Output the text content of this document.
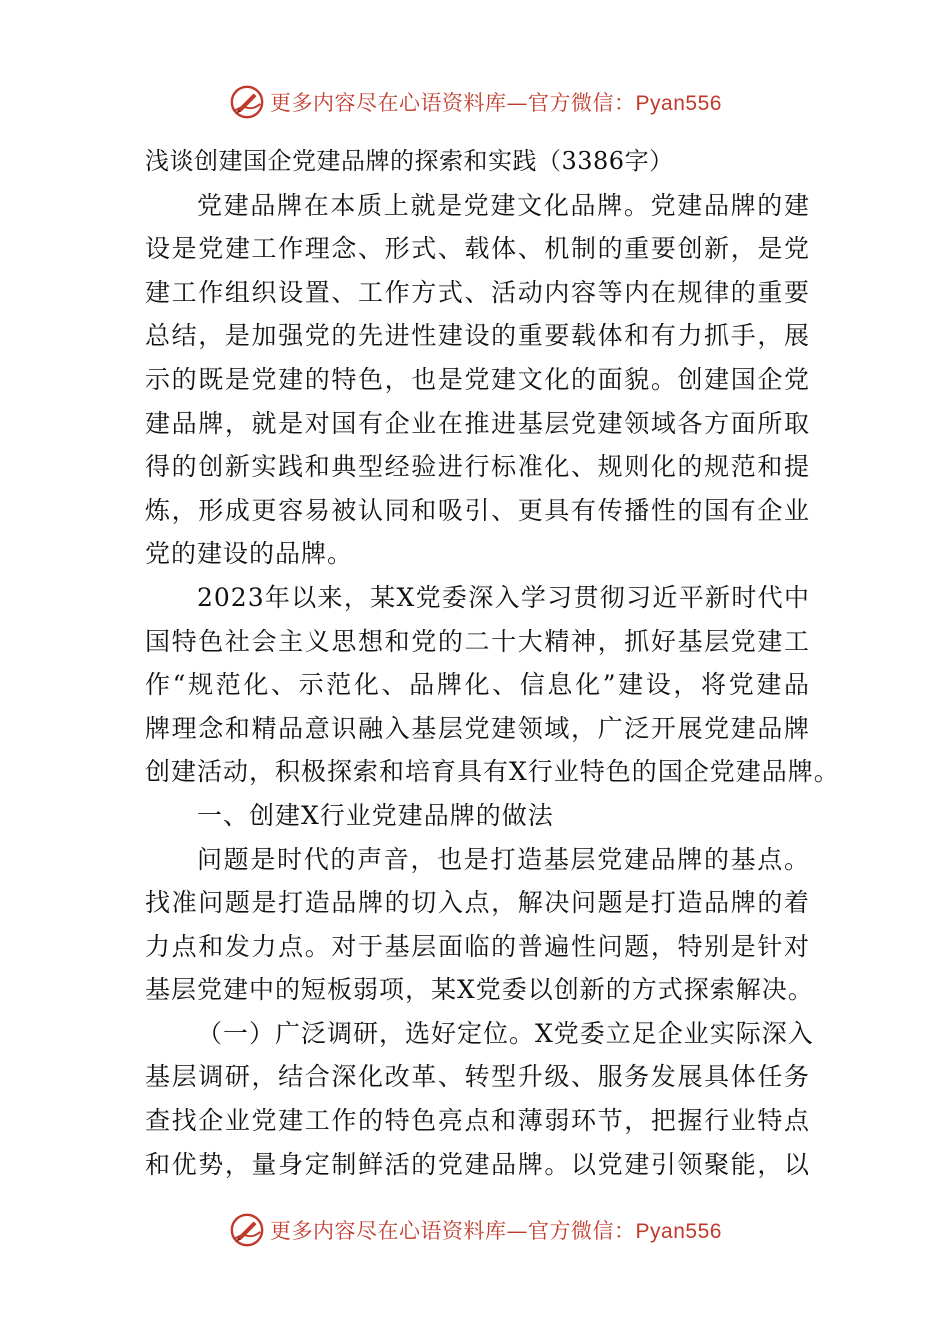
更多内容尽在心语资料库—官方微信：Pyan556
浅谈创建国企党建品牌的探索和实践（3386字）
党建品牌在本质上就是党建文化品牌。党建品牌的建
设是党建工作理念、形式、载体、机制的重要创新，是党
建工作组织设置、工作方式、活动内容等内在规律的重要
总结，是加强党的先进性建设的重要载体和有力抓手，展
示的既是党建的特色，也是党建文化的面貌。创建国企党
建品牌，就是对国有企业在推进基层党建领域各方面所取
得的创新实践和典型经验进行标准化、规则化的规范和提
炼，形成更容易被认同和吸引、更具有传播性的国有企业
党的建设的品牌。
2023年以来，某X党委深入学习贯彻习近平新时代中
国特色社会主义思想和党的二十大精神，抓好基层党建工
作“规范化、示范化、品牌化、信息化”建设，将党建品
牌理念和精品意识融入基层党建领域，广泛开展党建品牌
创建活动，积极探索和培育具有X行业特色的国企党建品牌。
一、创建X行业党建品牌的做法
问题是时代的声音，也是打造基层党建品牌的基点。
找准问题是打造品牌的切入点，解决问题是打造品牌的着
力点和发力点。对于基层面临的普遍性问题，特别是针对
基层党建中的短板弱项，某X党委以创新的方式探索解决。
（一）广泛调研，选好定位。X党委立足企业实际深入
基层调研，结合深化改革、转型升级、服务发展具体任务
查找企业党建工作的特色亮点和薄弱环节，把握行业特点
和优势，量身定制鲜活的党建品牌。以党建引领聚能，以
更多内容尽在心语资料库—官方微信：Pyan556
